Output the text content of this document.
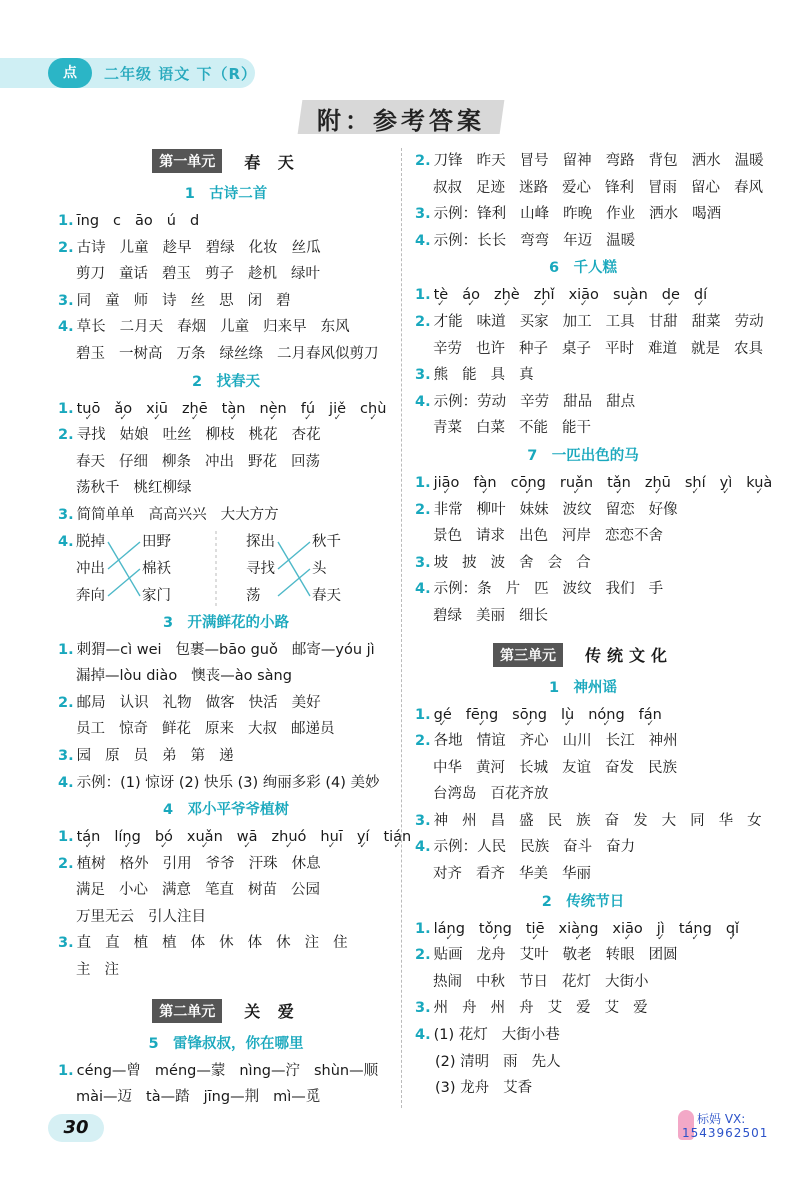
点	二年级 语文 下（R）
附：参考答案
第一单元	春 天
1　古诗二首
1. īng c āo ú d
2. 古诗 儿童 趁早 碧绿 化妆 丝瓜
剪刀 童话 碧玉 剪子 趁机 绿叶
3. 同 童 师 诗 丝 思 闭 碧
4. 草长 二月天 春烟 儿童 归来早 东风
碧玉 一树高 万条 绿丝绦 二月春风似剪刀
2　找春天
1. tuō ✓ ǎo ✓ xiū ✓ zhē ✓ tàn ✓ nèn ✓ fú ✓ jiě ✓ chù ✓
2. 寻找 姑娘 吐丝 柳枝 桃花 杏花
春天 仔细 柳条 冲出 野花 回荡
荡秋千 桃红柳绿
3. 简简单单 高高兴兴 大大方方
4. 脱掉
冲出
奔向
田野
棉袄
家门
探出
寻找
荡
秋千
头
春天
3　开满鲜花的小路
1. 刺猬—cì wei 包裹—bāo guǒ 邮寄—yóu jì
漏掉—lòu diào 懊丧—ào sàng
2. 邮局 认识 礼物 做客 快活 美好
员工 惊奇 鲜花 原来 大叔 邮递员
3. 园 原 员 弟 第 递
4. 示例：(1) 惊讶 (2) 快乐 (3) 绚丽多彩 (4) 美妙
4　邓小平爷爷植树
1. tán ✓ líng ✓ bó ✓ xuǎn ✓ wā ✓ zhuó ✓ huī ✓ yí ✓ tián ✓
2. 植树 格外 引用 爷爷 汗珠 休息
满足 小心 满意 笔直 树苗 公园
万里无云 引人注目
3. 直 直 植 植 体 休 体 休 注 住
主 注
第二单元	关 爱
5　雷锋叔叔，你在哪里
1. céng—曾 méng—蒙 nìng—泞 shùn—顺
mài—迈 tà—踏 jīng—荆 mì—觅
2. 刀锋 昨天 冒号 留神 弯路 背包 洒水 温暖
叔叔 足迹 迷路 爱心 锋利 冒雨 留心 春风
3. 示例：锋利 山峰 昨晚 作业 洒水 喝酒
4. 示例：长长 弯弯 年迈 温暖
6　千人糕
1. tè ✓ áo ✓ zhè ✓ zhǐ ✓ xiāo ✓ suàn ✓ de ✓ dí ✓
2. 才能 味道 买家 加工 工具 甘甜 甜菜 劳动
辛劳 也许 种子 桌子 平时 难道 就是 农具
3. 熊 能 具 真
4. 示例：劳动 辛劳 甜品 甜点
青菜 白菜 不能 能干
7　一匹出色的马
1. jiāo ✓ fàn ✓ cōng ✓ ruǎn ✓ tǎn ✓ zhū ✓ shí ✓ yì ✓ kuà ✓
2. 非常 柳叶 妹妹 波纹 留恋 好像
景色 请求 出色 河岸 恋恋不舍
3. 坡 披 波 舍 会 合
4. 示例：条 片 匹 波纹 我们 手
碧绿 美丽 细长
第三单元	传统文化
1　神州谣
1. gé ✓ fēng ✓ sōng ✓ lù ✓ nóng ✓ fán ✓
2. 各地 情谊 齐心 山川 长江 神州
中华 黄河 长城 友谊 奋发 民族
台湾岛 百花齐放
3. 神 州 昌 盛 民 族 奋 发 大 同 华 女
4. 示例：人民 民族 奋斗 奋力
对齐 看齐 华美 华丽
2　传统节日
1. láng ✓ tǒng ✓ tiē ✓ xiàng ✓ xiāo ✓ jì ✓ táng ✓ qǐ ✓
2. 贴画 龙舟 艾叶 敬老 转眼 团圆
热闹 中秋 节日 花灯 大街小
3. 州 舟 州 舟 艾 爱 艾 爱
4. (1) 花灯 大街小巷
(2) 清明 雨 先人
(3) 龙舟 艾香
30	标妈 VX:
1543962501
